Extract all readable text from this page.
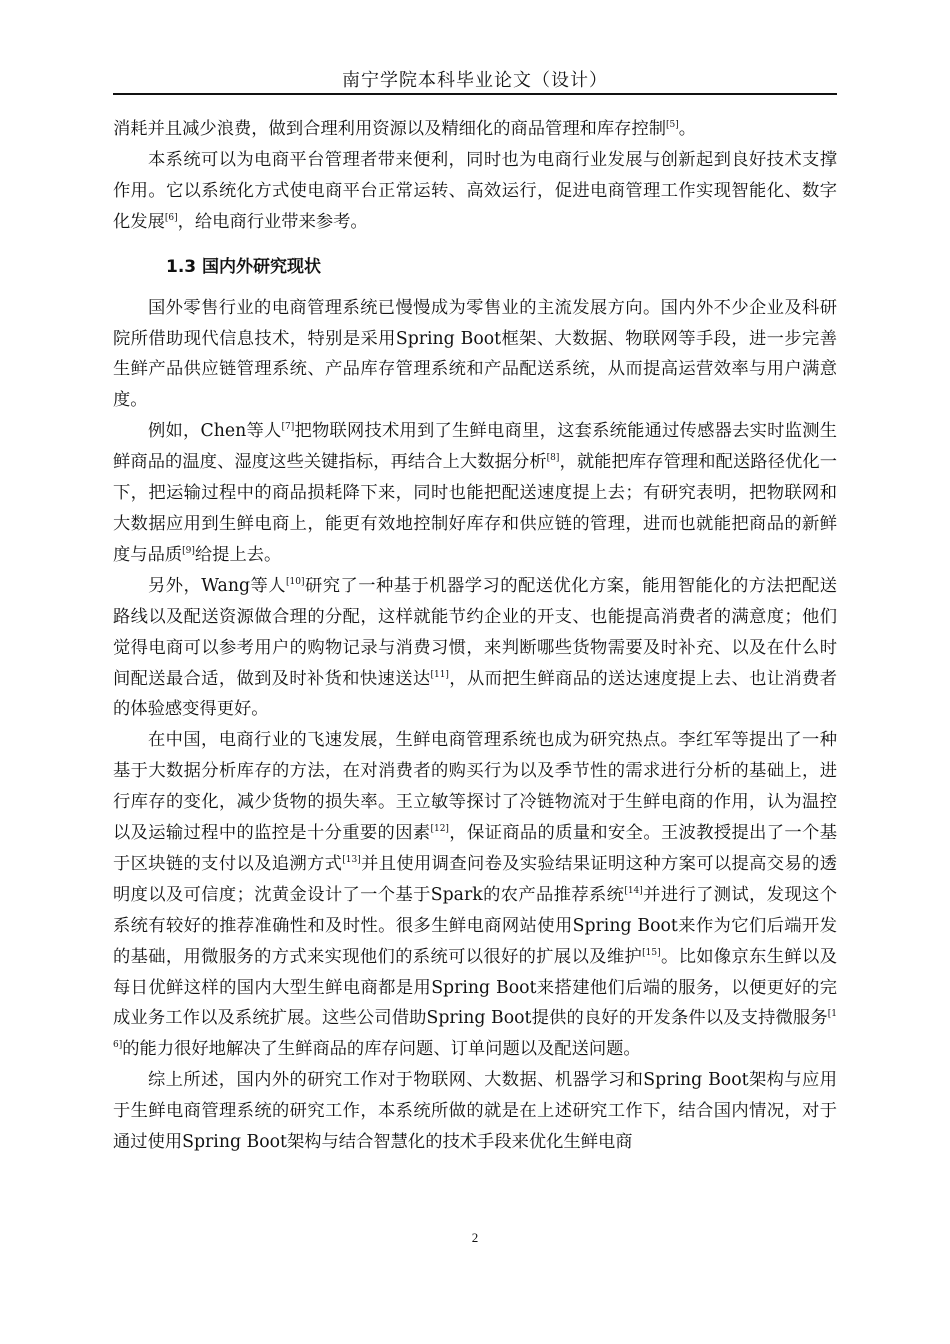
南宁学院本科毕业论文（设计）

消耗并且减少浪费，做到合理利用资源以及精细化的商品管理和库存控制[5]。

本系统可以为电商平台管理者带来便利，同时也为电商行业发展与创新起到良好技术支撑作用。它以系统化方式使电商平台正常运转、高效运行，促进电商管理工作实现智能化、数字化发展[6]，给电商行业带来参考。

1.3 国内外研究现状

国外零售行业的电商管理系统已慢慢成为零售业的主流发展方向。国内外不少企业及科研院所借助现代信息技术，特别是采用Spring Boot框架、大数据、物联网等手段，进一步完善生鲜产品供应链管理系统、产品库存管理系统和产品配送系统，从而提高运营效率与用户满意度。

例如，Chen等人[7]把物联网技术用到了生鲜电商里，这套系统能通过传感器去实时监测生鲜商品的温度、湿度这些关键指标，再结合上大数据分析[8]，就能把库存管理和配送路径优化一下，把运输过程中的商品损耗降下来，同时也能把配送速度提上去；有研究表明，把物联网和大数据应用到生鲜电商上，能更有效地控制好库存和供应链的管理，进而也就能把商品的新鲜度与品质[9]给提上去。

另外，Wang等人[10]研究了一种基于机器学习的配送优化方案，能用智能化的方法把配送路线以及配送资源做合理的分配，这样就能节约企业的开支、也能提高消费者的满意度；他们觉得电商可以参考用户的购物记录与消费习惯，来判断哪些货物需要及时补充、以及在什么时间配送最合适，做到及时补货和快速送达[11]，从而把生鲜商品的送达速度提上去、也让消费者的体验感变得更好。

在中国，电商行业的飞速发展，生鲜电商管理系统也成为研究热点。李红军等提出了一种基于大数据分析库存的方法，在对消费者的购买行为以及季节性的需求进行分析的基础上，进行库存的变化，减少货物的损失率。王立敏等探讨了冷链物流对于生鲜电商的作用，认为温控以及运输过程中的监控是十分重要的因素[12]，保证商品的质量和安全。王波教授提出了一个基于区块链的支付以及追溯方式[13]并且使用调查问卷及实验结果证明这种方案可以提高交易的透明度以及可信度；沈黄金设计了一个基于Spark的农产品推荐系统[14]并进行了测试，发现这个系统有较好的推荐准确性和及时性。很多生鲜电商网站使用Spring Boot来作为它们后端开发的基础，用微服务的方式来实现他们的系统可以很好的扩展以及维护[15]。比如像京东生鲜以及每日优鲜这样的国内大型生鲜电商都是用Spring Boot来搭建他们后端的服务，以便更好的完成业务工作以及系统扩展。这些公司借助Spring Boot提供的良好的开发条件以及支持微服务[16]的能力很好地解决了生鲜商品的库存问题、订单问题以及配送问题。

综上所述，国内外的研究工作对于物联网、大数据、机器学习和Spring Boot架构与应用于生鲜电商管理系统的研究工作，本系统所做的就是在上述研究工作下，结合国内情况，对于通过使用Spring Boot架构与结合智慧化的技术手段来优化生鲜电商

2
